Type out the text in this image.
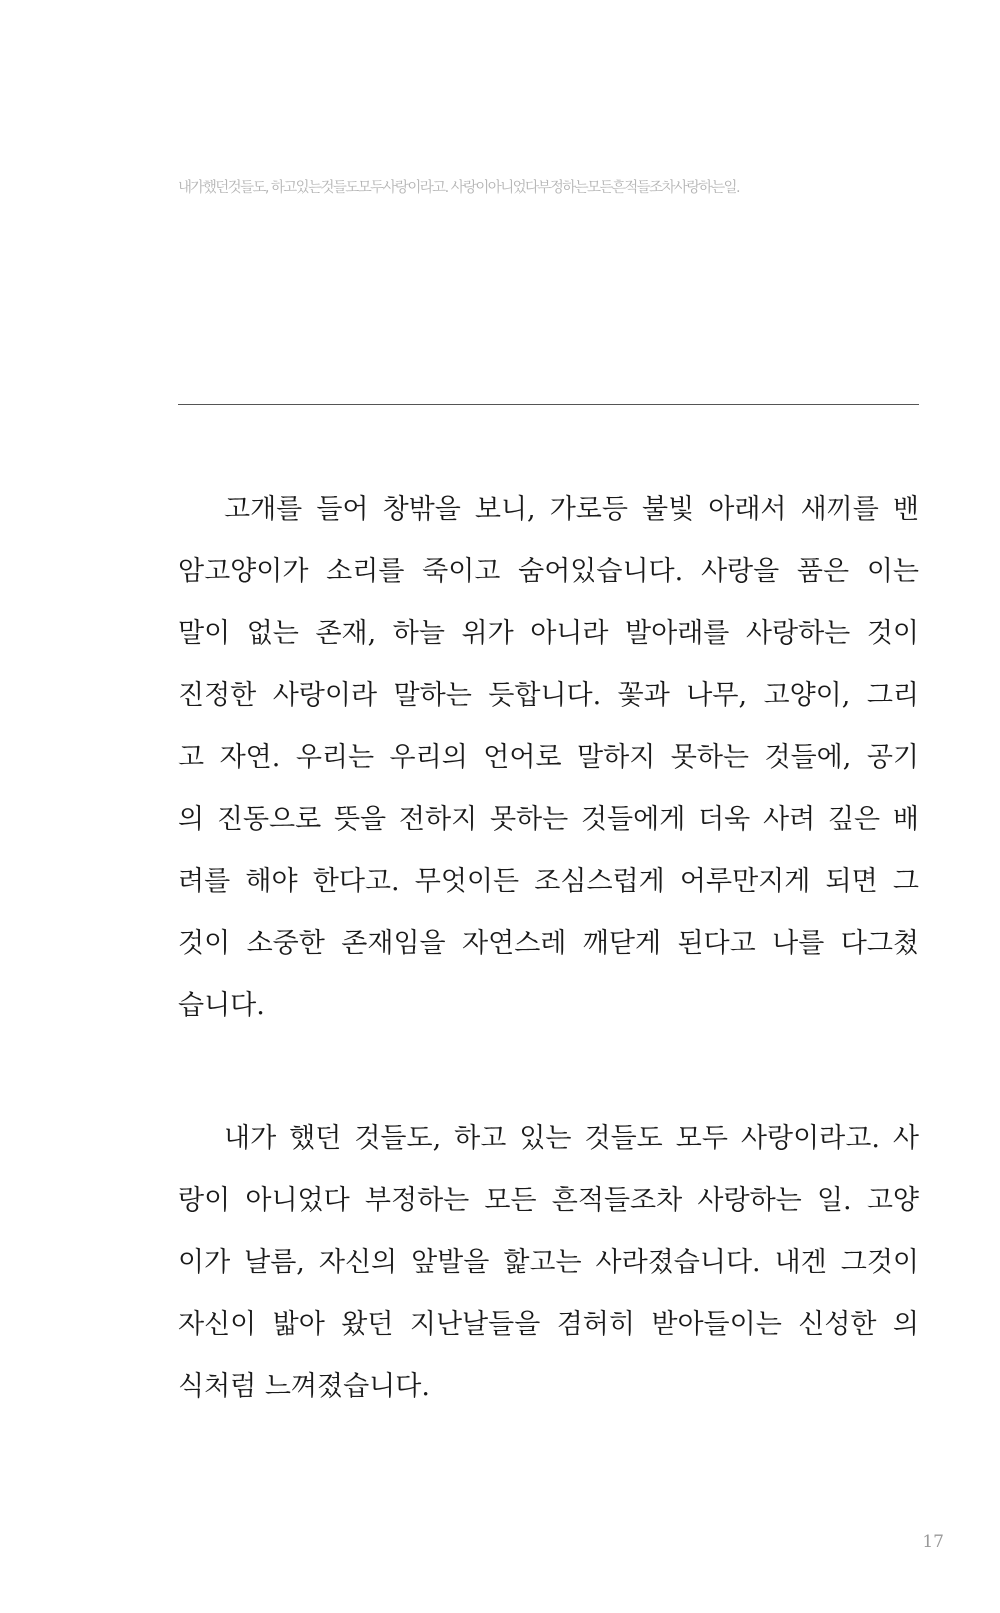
내가했던것들도, 하고있는것들도모두사랑이라고. 사랑이아니었다부정하는모든흔적들조차사랑하는일.
고개를 들어 창밖을 보니, 가로등 불빛 아래서 새끼를 밴
암고양이가 소리를 죽이고 숨어있습니다. 사랑을 품은 이는
말이 없는 존재, 하늘 위가 아니라 발아래를 사랑하는 것이
진정한 사랑이라 말하는 듯합니다. 꽃과 나무, 고양이, 그리
고 자연. 우리는 우리의 언어로 말하지 못하는 것들에, 공기
의 진동으로 뜻을 전하지 못하는 것들에게 더욱 사려 깊은 배
려를 해야 한다고. 무엇이든 조심스럽게 어루만지게 되면 그
것이 소중한 존재임을 자연스레 깨닫게 된다고 나를 다그쳤
습니다.
내가 했던 것들도, 하고 있는 것들도 모두 사랑이라고. 사
랑이 아니었다 부정하는 모든 흔적들조차 사랑하는 일. 고양
이가 날름, 자신의 앞발을 핥고는 사라졌습니다. 내겐 그것이
자신이 밟아 왔던 지난날들을 겸허히 받아들이는 신성한 의
식처럼 느껴졌습니다.
17
